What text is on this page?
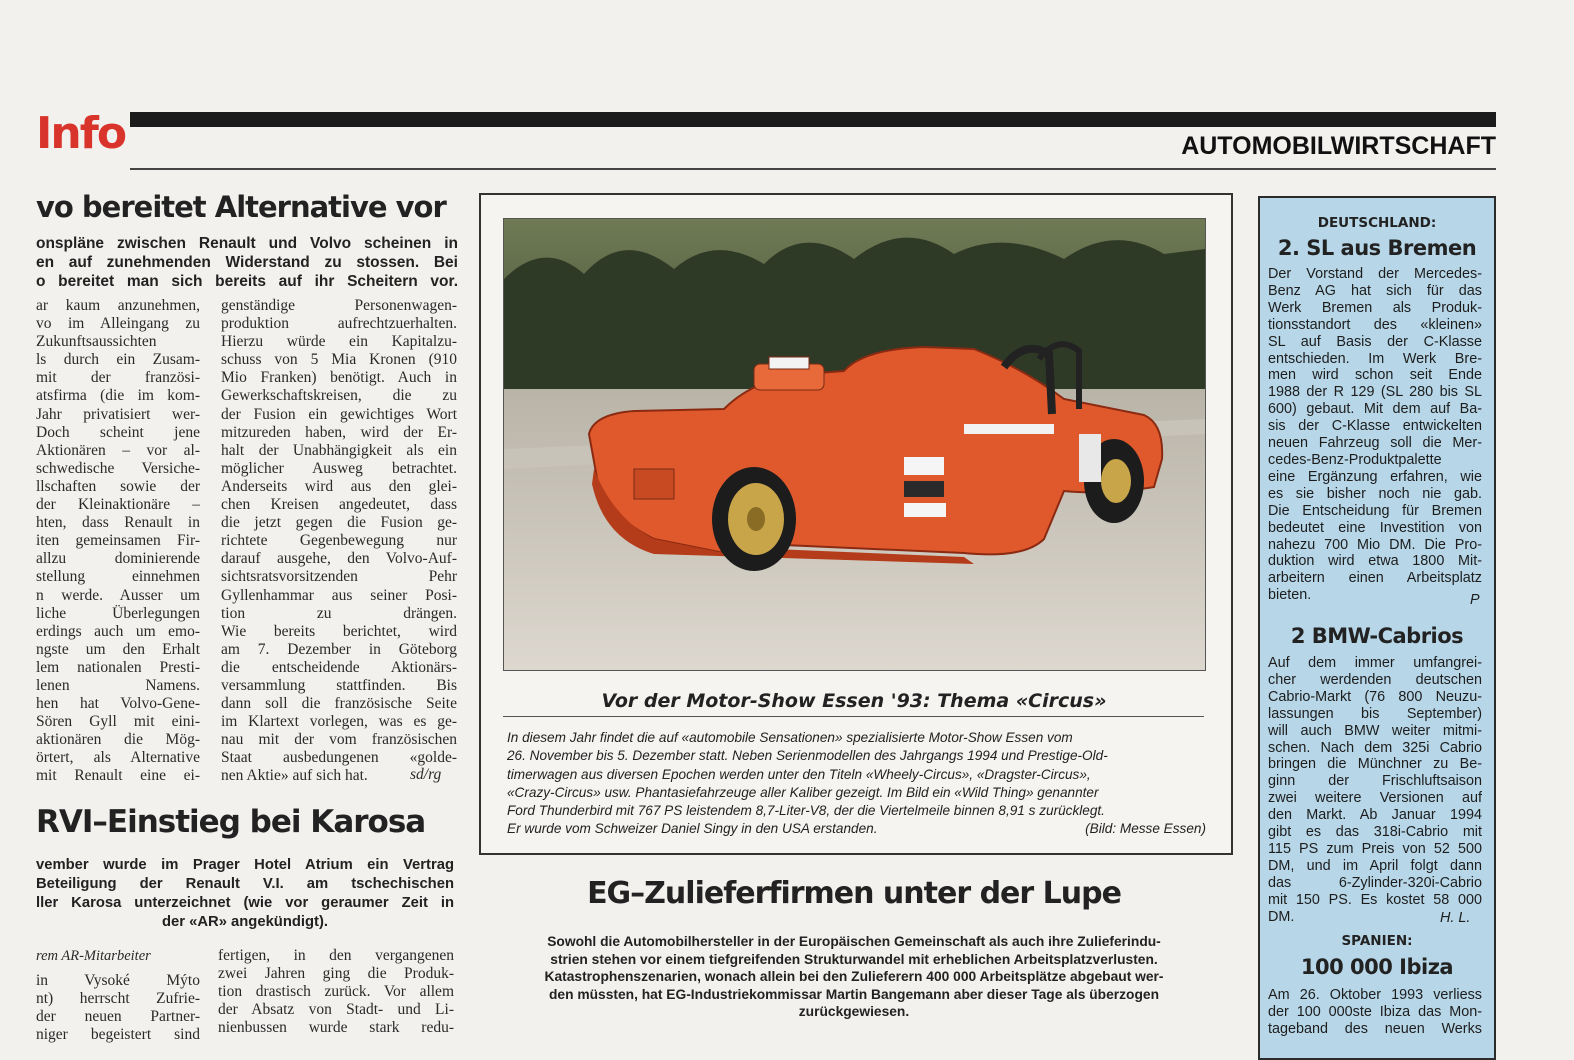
Info	AUTOMOBILWIRTSCHAFT
vo bereitet Alternative vor
onspläne zwischen Renault und Volvo scheinen in
en auf zunehmenden Widerstand zu stossen. Bei
o bereitet man sich bereits auf ihr Scheitern vor.
ar kaum anzunehmen,
vo im Alleingang zu
Zukunftsaussichten
ls durch ein Zusam-
mit der französi-
atsfirma (die im kom-
Jahr privatisiert wer-
Doch scheint jene
Aktionären – vor al-
schwedische Versiche-
llschaften sowie der
der Kleinaktionäre –
hten, dass Renault in
iten gemeinsamen Fir-
allzu dominierende
stellung einnehmen
n werde. Ausser um
liche Überlegungen
erdings auch um emo-
ngste um den Erhalt
lem nationalen Presti-
lenen Namens.
hen hat Volvo-Gene-
Sören Gyll mit eini-
aktionären die Mög-
örtert, als Alternative
mit Renault eine ei-
genständige Personenwagen-
produktion aufrechtzuerhalten.
Hierzu würde ein Kapitalzu-
schuss von 5 Mia Kronen (910
Mio Franken) benötigt. Auch in
Gewerkschaftskreisen, die zu
der Fusion ein gewichtiges Wort
mitzureden haben, wird der Er-
halt der Unabhängigkeit als ein
möglicher Ausweg betrachtet.
Anderseits wird aus den glei-
chen Kreisen angedeutet, dass
die jetzt gegen die Fusion ge-
richtete Gegenbewegung nur
darauf ausgehe, den Volvo-Auf-
sichtsratsvorsitzenden Pehr
Gyllenhammar aus seiner Posi-
tion zu drängen.
Wie bereits berichtet, wird
am 7. Dezember in Göteborg
die entscheidende Aktionärs-
versammlung stattfinden. Bis
dann soll die französische Seite
im Klartext vorlegen, was es ge-
nau mit der vom französischen
Staat ausbedungenen «golde-
nen Aktie» auf sich hat.	sd/rg
RVI–Einstieg bei Karosa
vember wurde im Prager Hotel Atrium ein Vertrag
Beteiligung der Renault V.I. am tschechischen
ller Karosa unterzeichnet (wie vor geraumer Zeit in
der «AR» angekündigt).
rem AR-Mitarbeiter
in Vysoké Mýto
nt) herrscht Zufrie-
der neuen Partner-
niger begeistert sind
fertigen, in den vergangenen
zwei Jahren ging die Produk-
tion drastisch zurück. Vor allem
der Absatz von Stadt- und Li-
nienbussen wurde stark redu-
Vor der Motor-Show Essen '93: Thema «Circus»
In diesem Jahr findet die auf «automobile Sensationen» spezialisierte Motor-Show Essen vom
26. November bis 5. Dezember statt. Neben Serienmodellen des Jahrgangs 1994 und Prestige-Old-
timerwagen aus diversen Epochen werden unter den Titeln «Wheely-Circus», «Dragster-Circus»,
«Crazy-Circus» usw. Phantasiefahrzeuge aller Kaliber gezeigt. Im Bild ein «Wild Thing» genannter
Ford Thunderbird mit 767 PS leistendem 8,7-Liter-V8, der die Viertelmeile binnen 8,91 s zurücklegt.
Er wurde vom Schweizer Daniel Singy in den USA erstanden.	(Bild: Messe Essen)
EG–Zulieferfirmen unter der Lupe
Sowohl die Automobilhersteller in der Europäischen Gemeinschaft als auch ihre Zulieferindu-
strien stehen vor einem tiefgreifenden Strukturwandel mit erheblichen Arbeitsplatzverlusten.
Katastrophenszenarien, wonach allein bei den Zulieferern 400 000 Arbeitsplätze abgebaut wer-
den müssten, hat EG-Industriekommissar Martin Bangemann aber dieser Tage als überzogen
zurückgewiesen.
DEUTSCHLAND:
2. SL aus Bremen
Der Vorstand der Mercedes-
Benz AG hat sich für das
Werk Bremen als Produk-
tionsstandort des «kleinen»
SL auf Basis der C-Klasse
entschieden. Im Werk Bre-
men wird schon seit Ende
1988 der R 129 (SL 280 bis SL
600) gebaut. Mit dem auf Ba-
sis der C-Klasse entwickelten
neuen Fahrzeug soll die Mer-
cedes-Benz-Produktpalette
eine Ergänzung erfahren, wie
es sie bisher noch nie gab.
Die Entscheidung für Bremen
bedeutet eine Investition von
nahezu 700 Mio DM. Die Pro-
duktion wird etwa 1800 Mit-
arbeitern einen Arbeitsplatz
bieten.	P
2 BMW-Cabrios
Auf dem immer umfangrei-
cher werdenden deutschen
Cabrio-Markt (76 800 Neuzu-
lassungen bis September)
will auch BMW weiter mitmi-
schen. Nach dem 325i Cabrio
bringen die Münchner zu Be-
ginn der Frischluftsaison
zwei weitere Versionen auf
den Markt. Ab Januar 1994
gibt es das 318i-Cabrio mit
115 PS zum Preis von 52 500
DM, und im April folgt dann
das 6-Zylinder-320i-Cabrio
mit 150 PS. Es kostet 58 000
DM.	H. L.
SPANIEN:
100 000 Ibiza
Am 26. Oktober 1993 verliess
der 100 000ste Ibiza das Mon-
tageband des neuen Werks
